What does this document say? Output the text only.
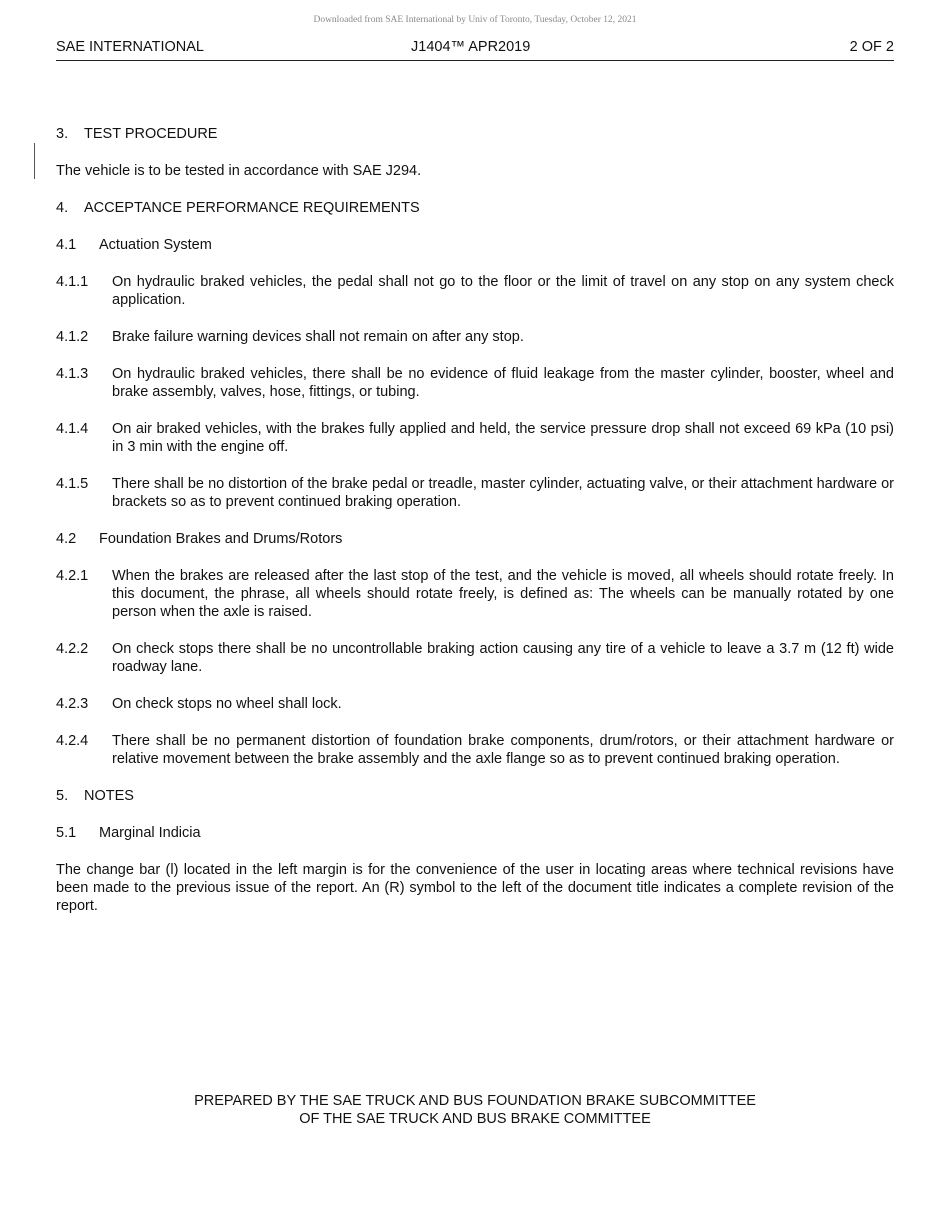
Downloaded from SAE International by Univ of Toronto, Tuesday, October 12, 2021
SAE INTERNATIONAL	J1404™ APR2019	2 OF 2
3.	TEST PROCEDURE

The vehicle is to be tested in accordance with SAE J294.

4.	ACCEPTANCE PERFORMANCE REQUIREMENTS
4.1	Actuation System
4.1.1	On hydraulic braked vehicles, the pedal shall not go to the floor or the limit of travel on any stop on any system check application.
4.1.2	Brake failure warning devices shall not remain on after any stop.
4.1.3	On hydraulic braked vehicles, there shall be no evidence of fluid leakage from the master cylinder, booster, wheel and brake assembly, valves, hose, fittings, or tubing.
4.1.4	On air braked vehicles, with the brakes fully applied and held, the service pressure drop shall not exceed 69 kPa (10 psi) in 3 min with the engine off.
4.1.5	There shall be no distortion of the brake pedal or treadle, master cylinder, actuating valve, or their attachment hardware or brackets so as to prevent continued braking operation.
4.2	Foundation Brakes and Drums/Rotors
4.2.1	When the brakes are released after the last stop of the test, and the vehicle is moved, all wheels should rotate freely. In this document, the phrase, all wheels should rotate freely, is defined as: The wheels can be manually rotated by one person when the axle is raised.
4.2.2	On check stops there shall be no uncontrollable braking action causing any tire of a vehicle to leave a 3.7 m (12 ft) wide roadway lane.
4.2.3	On check stops no wheel shall lock.
4.2.4	There shall be no permanent distortion of foundation brake components, drum/rotors, or their attachment hardware or relative movement between the brake assembly and the axle flange so as to prevent continued braking operation.
5.	NOTES
5.1	Marginal Indicia

The change bar (l) located in the left margin is for the convenience of the user in locating areas where technical revisions have been made to the previous issue of the report. An (R) symbol to the left of the document title indicates a complete revision of the report.

PREPARED BY THE SAE TRUCK AND BUS FOUNDATION BRAKE SUBCOMMITTEE
OF THE SAE TRUCK AND BUS BRAKE COMMITTEE
